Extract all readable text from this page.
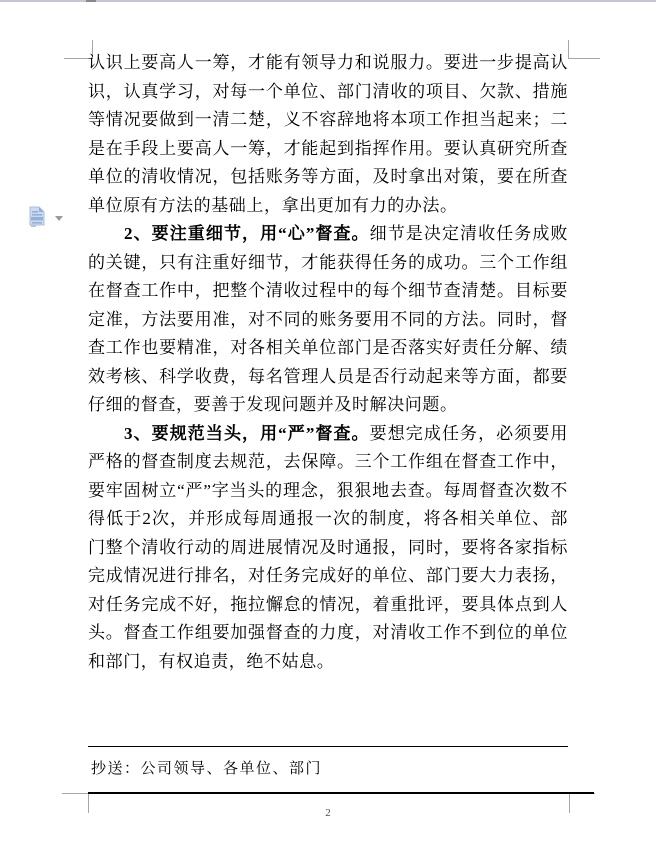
认识上要高人一筹，才能有领导力和说服力。要进一步提高认识，认真学习，对每一个单位、部门清收的项目、欠款、措施等情况要做到一清二楚，义不容辞地将本项工作担当起来；二是在手段上要高人一筹，才能起到指挥作用。要认真研究所查单位的清收情况，包括账务等方面，及时拿出对策，要在所查单位原有方法的基础上，拿出更加有力的办法。

2、要注重细节，用“心”督查。细节是决定清收任务成败的关键，只有注重好细节，才能获得任务的成功。三个工作组在督查工作中，把整个清收过程中的每个细节查清楚。目标要定准，方法要用准，对不同的账务要用不同的方法。同时，督查工作也要精准，对各相关单位部门是否落实好责任分解、绩效考核、科学收费，每名管理人员是否行动起来等方面，都要仔细的督查，要善于发现问题并及时解决问题。

3、要规范当头，用“严”督查。要想完成任务，必须要用严格的督查制度去规范，去保障。三个工作组在督查工作中，要牢固树立“严”字当头的理念，狠狠地去查。每周督查次数不得低于2次，并形成每周通报一次的制度，将各相关单位、部门整个清收行动的周进展情况及时通报，同时，要将各家指标完成情况进行排名，对任务完成好的单位、部门要大力表扬，对任务完成不好，拖拉懈怠的情况，着重批评，要具体点到人头。督查工作组要加强督查的力度，对清收工作不到位的单位和部门，有权追责，绝不姑息。

抄送：公司领导、各单位、部门
2
